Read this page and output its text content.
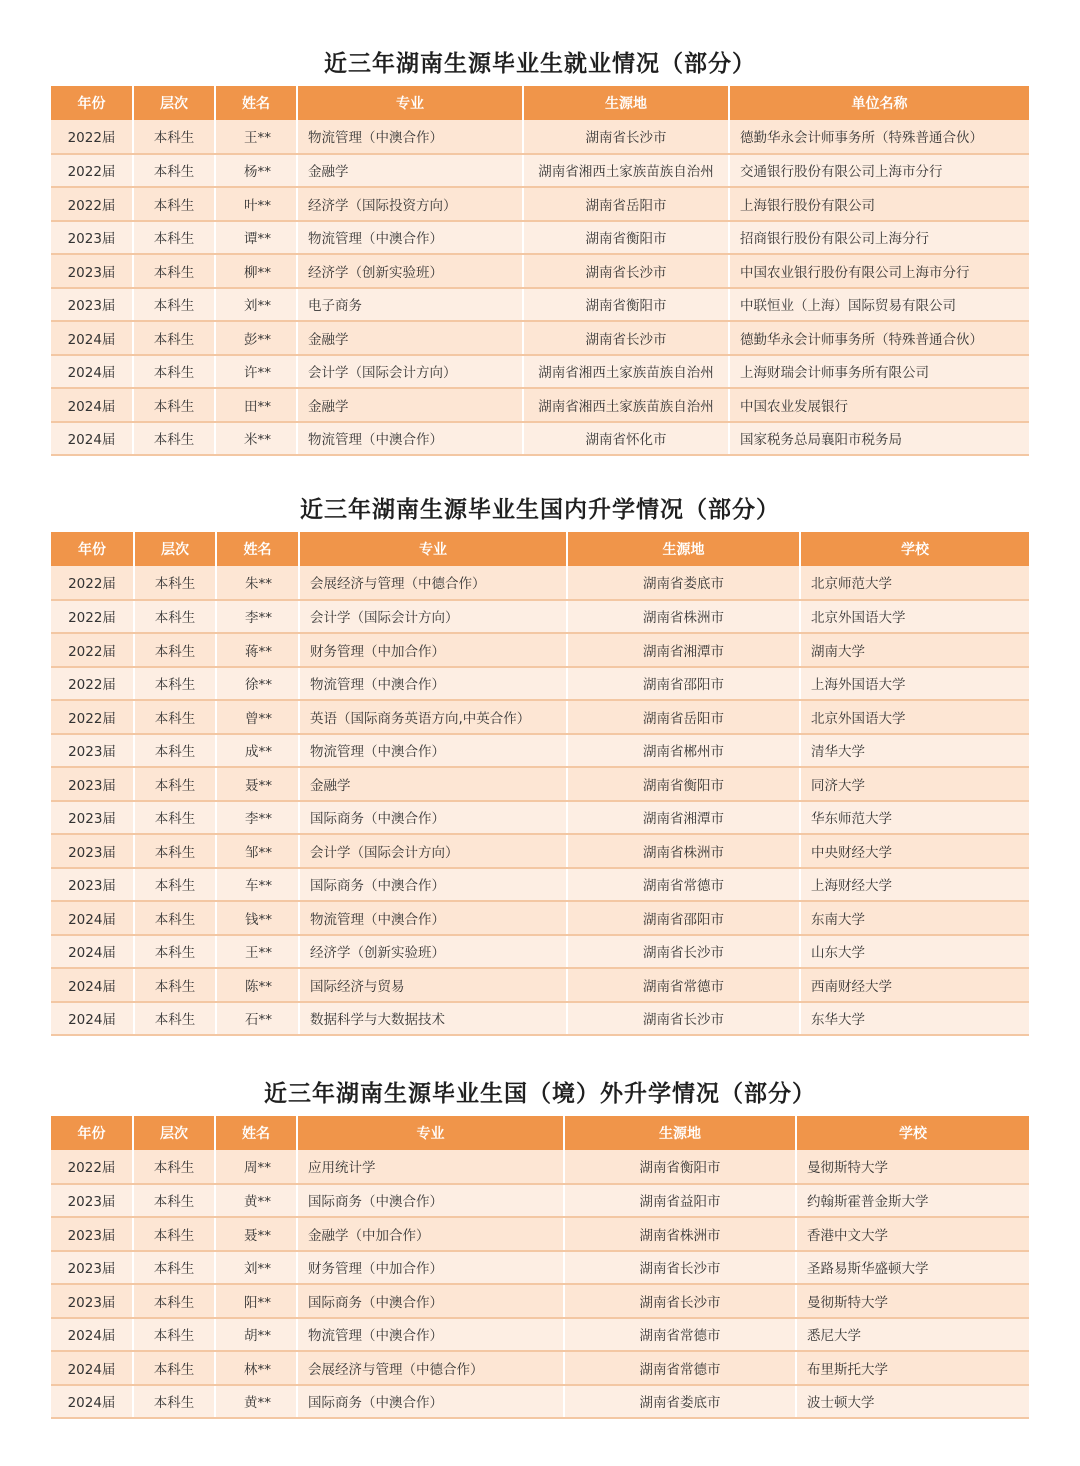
近三年湖南生源毕业生就业情况（部分）
年份	层次	姓名	专业	生源地	单位名称
2022届	本科生	王**	物流管理（中澳合作）	湖南省长沙市	德勤华永会计师事务所（特殊普通合伙）
2022届	本科生	杨**	金融学	湖南省湘西土家族苗族自治州	交通银行股份有限公司上海市分行
2022届	本科生	叶**	经济学（国际投资方向）	湖南省岳阳市	上海银行股份有限公司
2023届	本科生	谭**	物流管理（中澳合作）	湖南省衡阳市	招商银行股份有限公司上海分行
2023届	本科生	柳**	经济学（创新实验班）	湖南省长沙市	中国农业银行股份有限公司上海市分行
2023届	本科生	刘**	电子商务	湖南省衡阳市	中联恒业（上海）国际贸易有限公司
2024届	本科生	彭**	金融学	湖南省长沙市	德勤华永会计师事务所（特殊普通合伙）
2024届	本科生	许**	会计学（国际会计方向）	湖南省湘西土家族苗族自治州	上海财瑞会计师事务所有限公司
2024届	本科生	田**	金融学	湖南省湘西土家族苗族自治州	中国农业发展银行
2024届	本科生	米**	物流管理（中澳合作）	湖南省怀化市	国家税务总局襄阳市税务局
近三年湖南生源毕业生国内升学情况（部分）
年份	层次	姓名	专业	生源地	学校
2022届	本科生	朱**	会展经济与管理（中德合作）	湖南省娄底市	北京师范大学
2022届	本科生	李**	会计学（国际会计方向）	湖南省株洲市	北京外国语大学
2022届	本科生	蒋**	财务管理（中加合作）	湖南省湘潭市	湖南大学
2022届	本科生	徐**	物流管理（中澳合作）	湖南省邵阳市	上海外国语大学
2022届	本科生	曾**	英语（国际商务英语方向,中英合作）	湖南省岳阳市	北京外国语大学
2023届	本科生	成**	物流管理（中澳合作）	湖南省郴州市	清华大学
2023届	本科生	聂**	金融学	湖南省衡阳市	同济大学
2023届	本科生	李**	国际商务（中澳合作）	湖南省湘潭市	华东师范大学
2023届	本科生	邹**	会计学（国际会计方向）	湖南省株洲市	中央财经大学
2023届	本科生	车**	国际商务（中澳合作）	湖南省常德市	上海财经大学
2024届	本科生	钱**	物流管理（中澳合作）	湖南省邵阳市	东南大学
2024届	本科生	王**	经济学（创新实验班）	湖南省长沙市	山东大学
2024届	本科生	陈**	国际经济与贸易	湖南省常德市	西南财经大学
2024届	本科生	石**	数据科学与大数据技术	湖南省长沙市	东华大学
近三年湖南生源毕业生国（境）外升学情况（部分）
年份	层次	姓名	专业	生源地	学校
2022届	本科生	周**	应用统计学	湖南省衡阳市	曼彻斯特大学
2023届	本科生	黄**	国际商务（中澳合作）	湖南省益阳市	约翰斯霍普金斯大学
2023届	本科生	聂**	金融学（中加合作）	湖南省株洲市	香港中文大学
2023届	本科生	刘**	财务管理（中加合作）	湖南省长沙市	圣路易斯华盛顿大学
2023届	本科生	阳**	国际商务（中澳合作）	湖南省长沙市	曼彻斯特大学
2024届	本科生	胡**	物流管理（中澳合作）	湖南省常德市	悉尼大学
2024届	本科生	林**	会展经济与管理（中德合作）	湖南省常德市	布里斯托大学
2024届	本科生	黄**	国际商务（中澳合作）	湖南省娄底市	波士顿大学
